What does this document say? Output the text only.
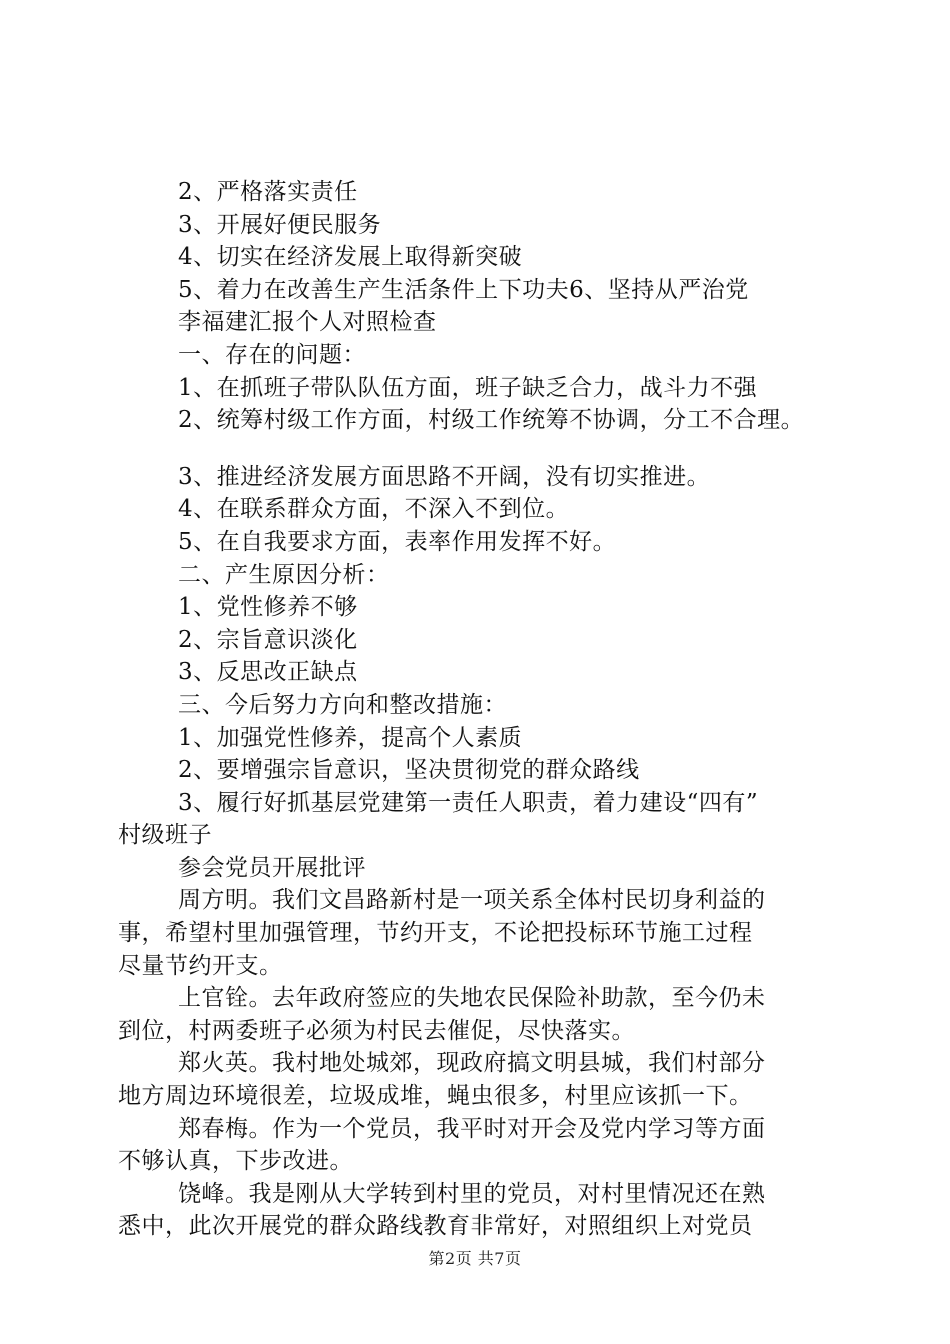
2、严格落实责任
3、开展好便民服务
4、切实在经济发展上取得新突破
5、着力在改善生产生活条件上下功夫6、坚持从严治党
李福建汇报个人对照检查
一、存在的问题：
1、在抓班子带队队伍方面，班子缺乏合力，战斗力不强
2、统筹村级工作方面，村级工作统筹不协调，分工不合理。
3、推进经济发展方面思路不开阔，没有切实推进。
4、在联系群众方面，不深入不到位。
5、在自我要求方面，表率作用发挥不好。
二、产生原因分析：
1、党性修养不够
2、宗旨意识淡化
3、反思改正缺点
三、今后努力方向和整改措施：
1、加强党性修养，提高个人素质
2、要增强宗旨意识，坚决贯彻党的群众路线
3、履行好抓基层党建第一责任人职责，着力建设“四有”
村级班子
参会党员开展批评
周方明。我们文昌路新村是一项关系全体村民切身利益的
事，希望村里加强管理，节约开支，不论把投标环节施工过程
尽量节约开支。
上官铨。去年政府签应的失地农民保险补助款，至今仍未
到位，村两委班子必须为村民去催促，尽快落实。
郑火英。我村地处城郊，现政府搞文明县城，我们村部分
地方周边环境很差，垃圾成堆，蝇虫很多，村里应该抓一下。
郑春梅。作为一个党员，我平时对开会及党内学习等方面
不够认真，下步改进。
饶峰。我是刚从大学转到村里的党员，对村里情况还在熟
悉中，此次开展党的群众路线教育非常好，对照组织上对党员
第2页 共7页
